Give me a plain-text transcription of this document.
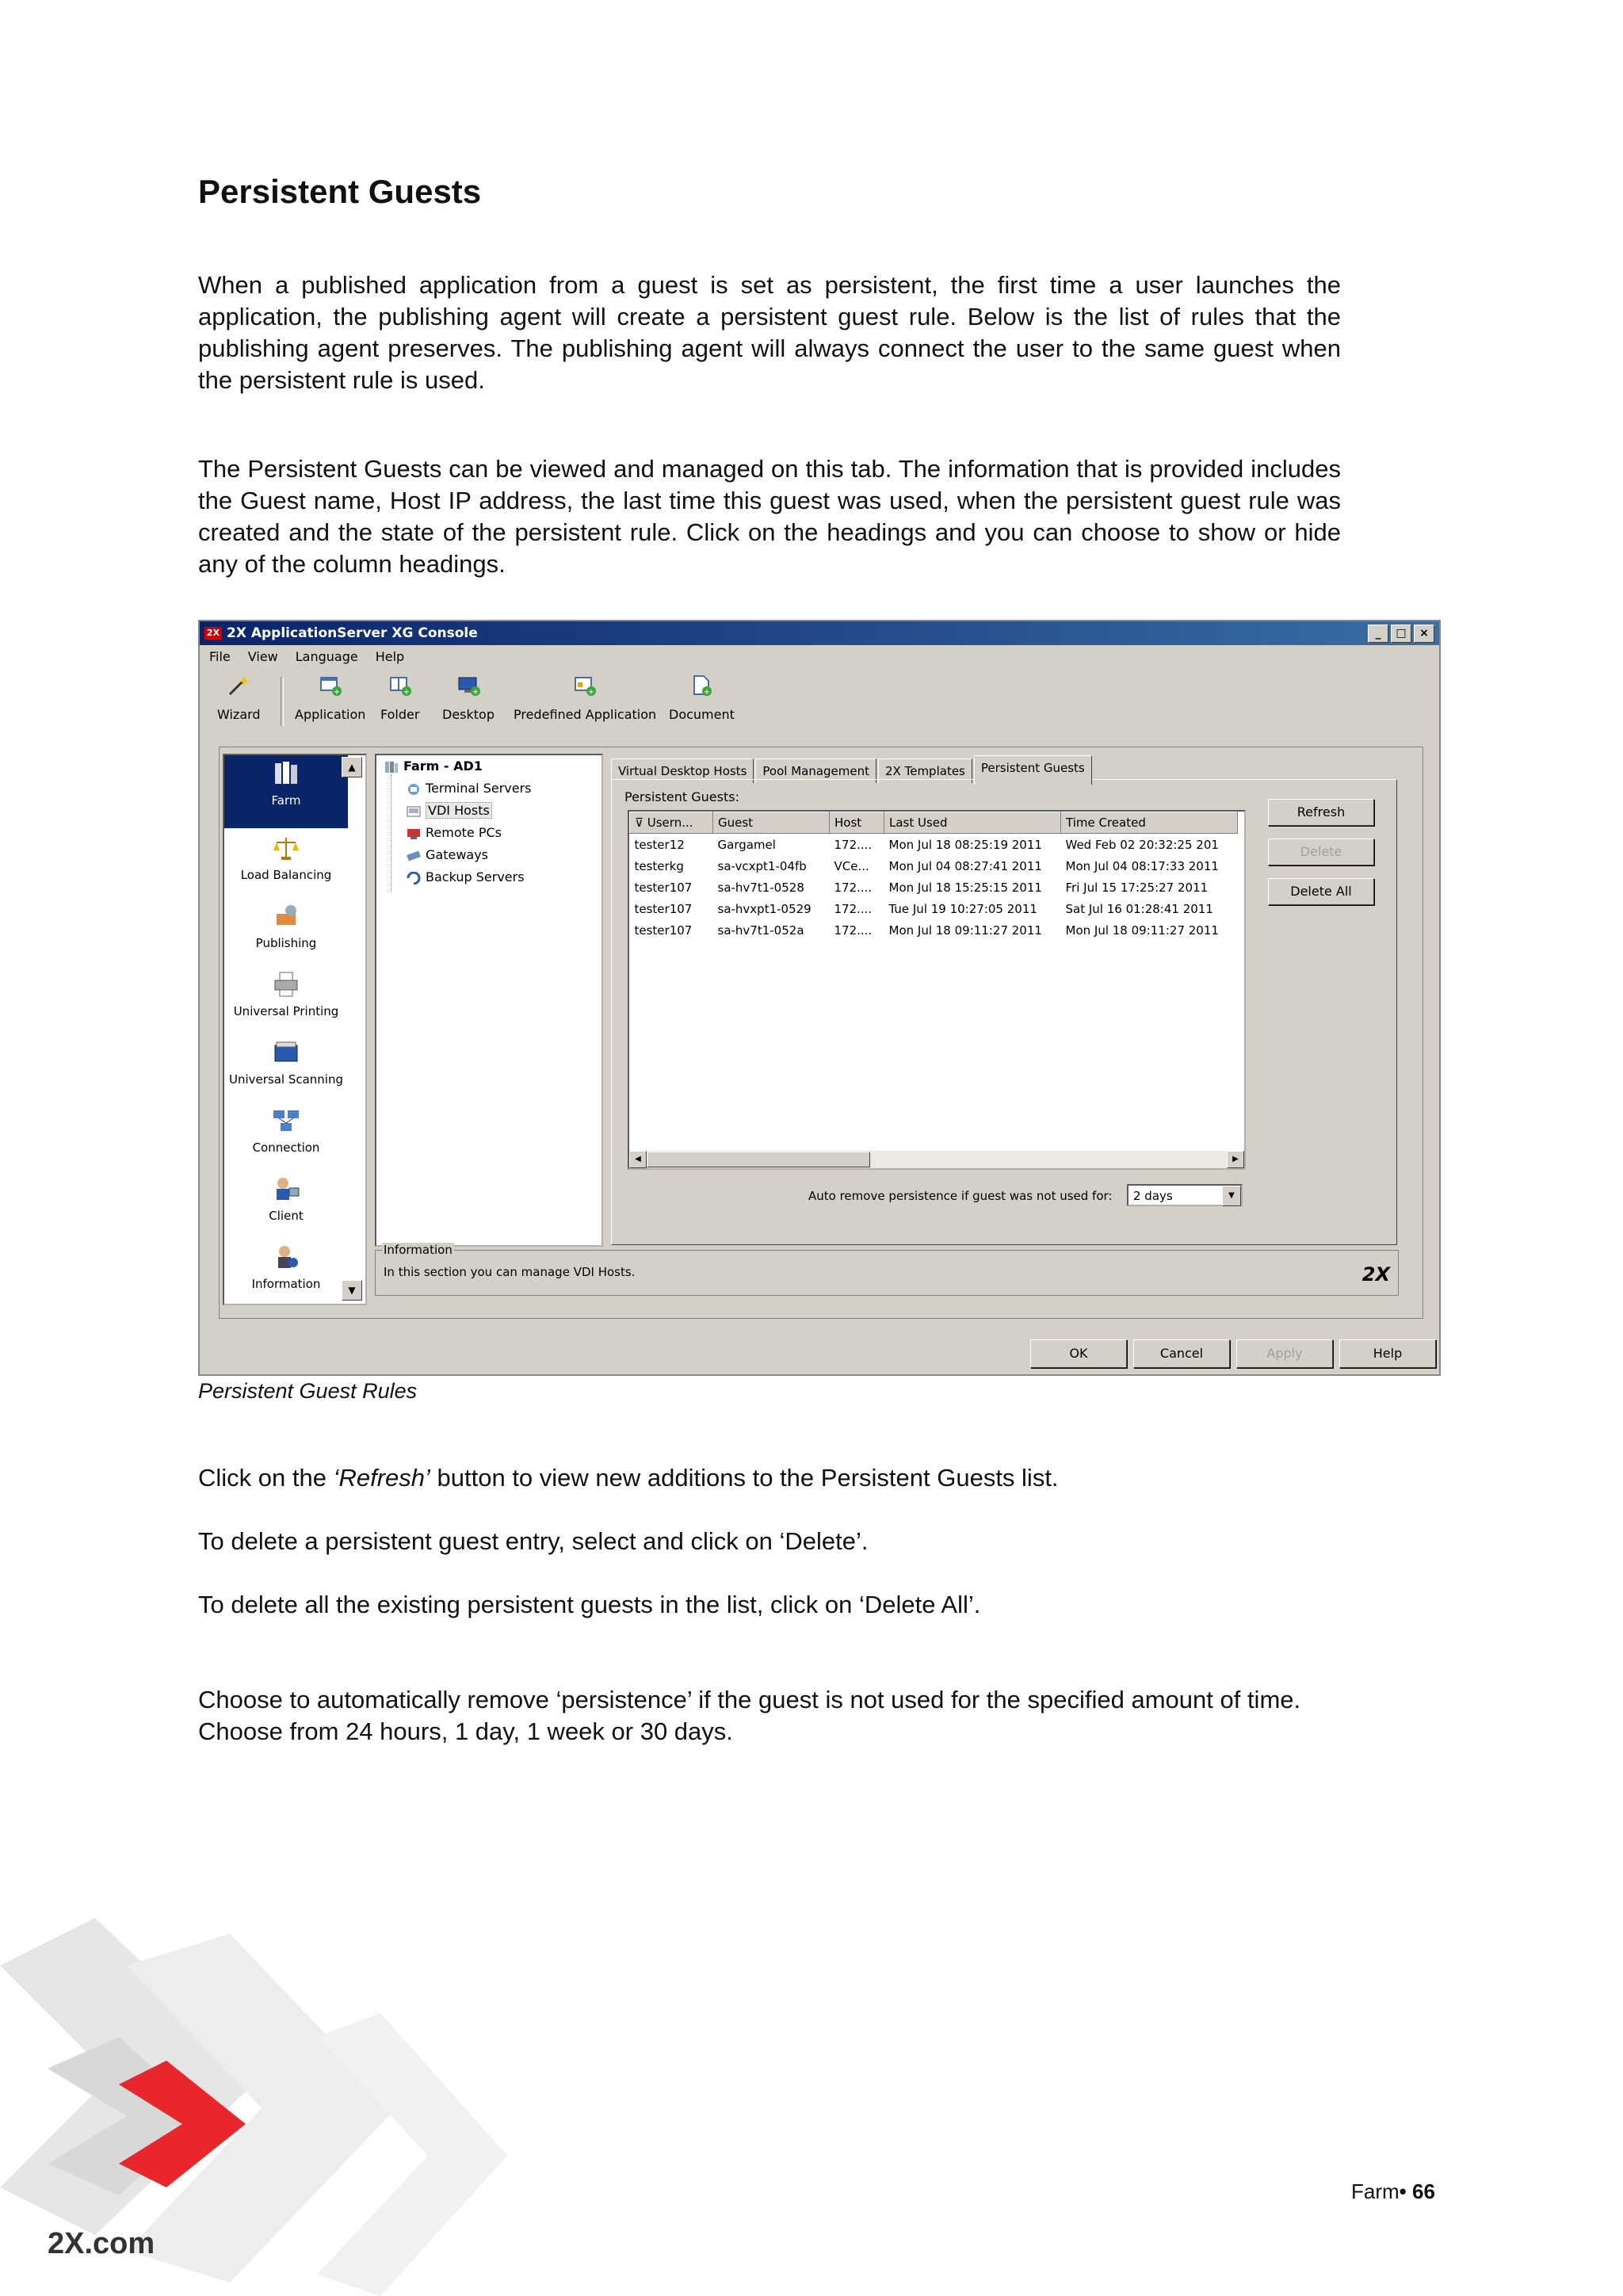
Persistent Guests

When a published application from a guest is set as persistent, the first time a user launches the application, the publishing agent will create a persistent guest rule. Below is the list of rules that the publishing agent preserves. The publishing agent will always connect the user to the same guest when the persistent rule is used.

The Persistent Guests can be viewed and managed on this tab. The information that is provided includes the Guest name, Host IP address, the last time this guest was used, when the persistent guest rule was created and the state of the persistent rule. Click on the headings and you can choose to show or hide any of the column headings.

2X 2X ApplicationServer XG Console	_	□	×
File View Language Help
Wizard
+
Application
+
Folder
+
Desktop
+
Predefined Application
+
Document
Farm
Load Balancing
Publishing
Universal Printing
Universal Scanning
Connection
Client
Information
▲
▼
Farm - AD1
Terminal Servers
VDI Hosts
Remote PCs
Gateways
Backup Servers
Virtual Desktop Hosts	Pool Management	2X Templates	Persistent Guests
Persistent Guests:
⊽ Usern...	Guest	Host	Last Used	Time Created
tester12	Gargamel	172....	Mon Jul 18 08:25:19 2011	Wed Feb 02 20:32:25 201
testerkg	sa-vcxpt1-04fb	VCe...	Mon Jul 04 08:27:41 2011	Mon Jul 04 08:17:33 2011
tester107	sa-hv7t1-0528	172....	Mon Jul 18 15:25:15 2011	Fri Jul 15 17:25:27 2011
tester107	sa-hvxpt1-0529	172....	Tue Jul 19 10:27:05 2011	Sat Jul 16 01:28:41 2011
tester107	sa-hv7t1-052a	172....	Mon Jul 18 09:11:27 2011	Mon Jul 18 09:11:27 2011
◀	▶
Refresh
Delete
Delete All
Auto remove persistence if guest was not used for:	2 days	▼
Information
In this section you can manage VDI Hosts.	2X
OK	Cancel	Apply	Help
Persistent Guest Rules

Click on the ‘Refresh’ button to view new additions to the Persistent Guests list.

To delete a persistent guest entry, select and click on ‘Delete’.

To delete all the existing persistent guests in the list, click on ‘Delete All’.

Choose to automatically remove ‘persistence’ if the guest is not used for the specified amount of time.

Choose from 24 hours, 1 day, 1 week or 30 days.

2X.com
Farm• 66
